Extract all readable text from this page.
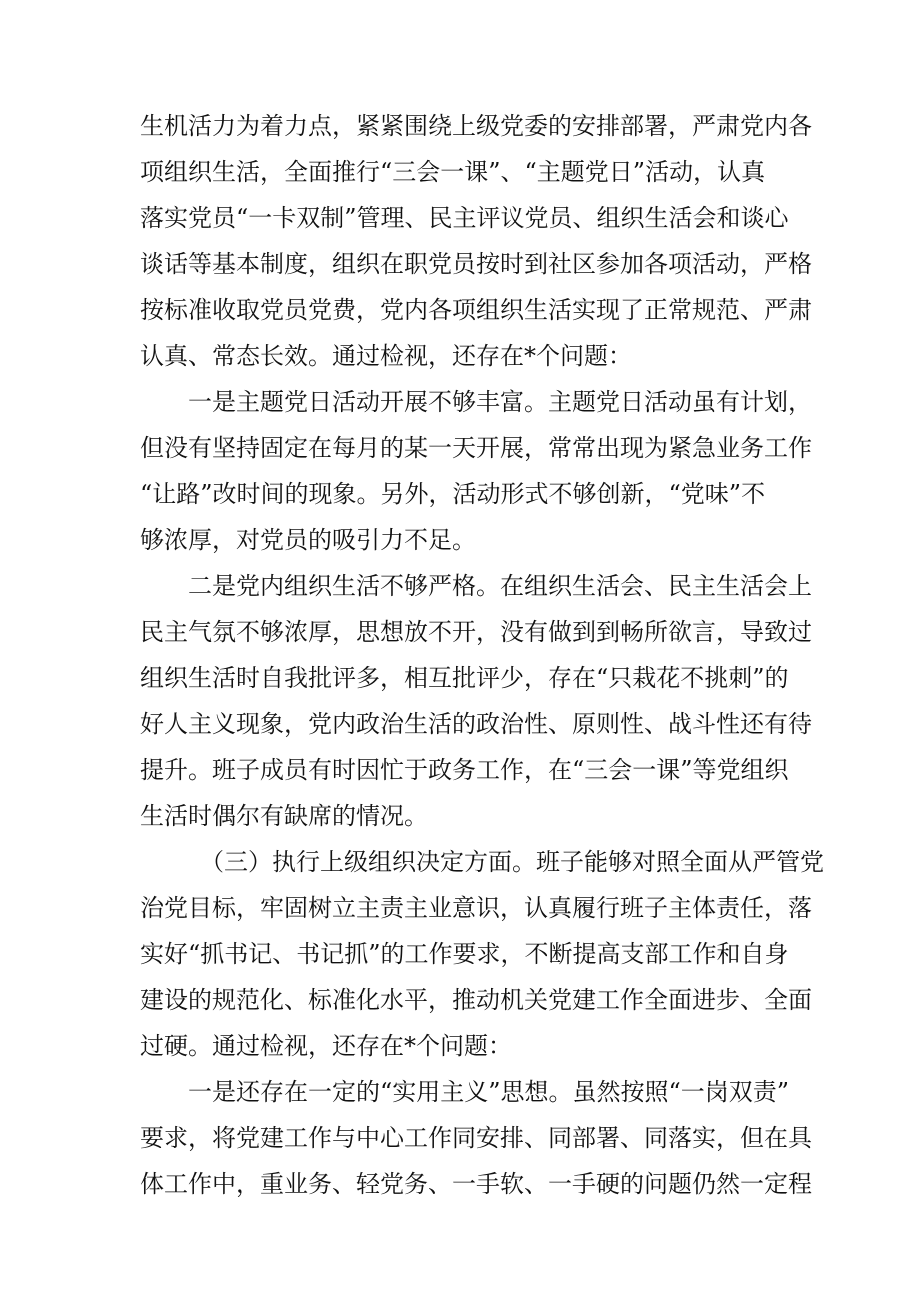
生机活力为着力点，紧紧围绕上级党委的安排部署，严肃党内各
项组织生活，全面推行“三会一课”、“主题党日”活动，认真
落实党员“一卡双制”管理、民主评议党员、组织生活会和谈心
谈话等基本制度，组织在职党员按时到社区参加各项活动，严格
按标准收取党员党费，党内各项组织生活实现了正常规范、严肃
认真、常态长效。通过检视，还存在*个问题：
一是主题党日活动开展不够丰富。主题党日活动虽有计划，
但没有坚持固定在每月的某一天开展，常常出现为紧急业务工作
“让路”改时间的现象。另外，活动形式不够创新，“党味”不
够浓厚，对党员的吸引力不足。
二是党内组织生活不够严格。在组织生活会、民主生活会上
民主气氛不够浓厚，思想放不开，没有做到到畅所欲言，导致过
组织生活时自我批评多，相互批评少，存在“只栽花不挑刺”的
好人主义现象，党内政治生活的政治性、原则性、战斗性还有待
提升。班子成员有时因忙于政务工作，在“三会一课”等党组织
生活时偶尔有缺席的情况。
（三）执行上级组织决定方面。班子能够对照全面从严管党
治党目标，牢固树立主责主业意识，认真履行班子主体责任，落
实好“抓书记、书记抓”的工作要求，不断提高支部工作和自身
建设的规范化、标准化水平，推动机关党建工作全面进步、全面
过硬。通过检视，还存在*个问题：
一是还存在一定的“实用主义”思想。虽然按照“一岗双责”
要求，将党建工作与中心工作同安排、同部署、同落实，但在具
体工作中，重业务、轻党务、一手软、一手硬的问题仍然一定程
